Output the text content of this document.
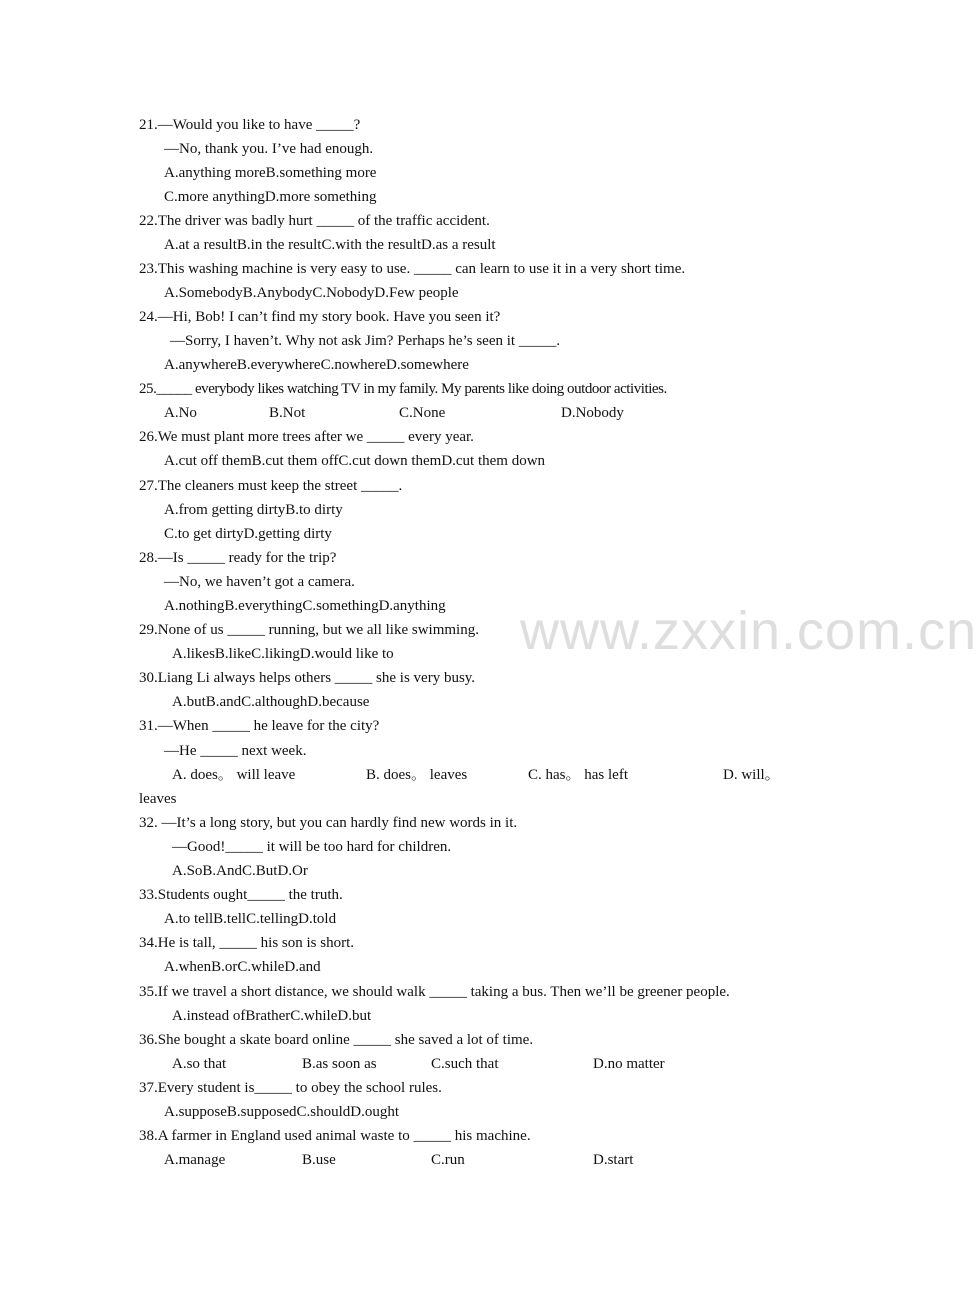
www.zxxin.com.cn
21.—Would you like to have _____?
—No, thank you. I’ve had enough.
A.anything moreB.something more
C.more anythingD.more something
22.The driver was badly hurt _____ of the traffic accident.
A.at a resultB.in the resultC.with the resultD.as a result
23.This washing machine is very easy to use. _____ can learn to use it in a very short time.
A.SomebodyB.AnybodyC.NobodyD.Few people
24.—Hi, Bob! I can’t find my story book. Have you seen it?
—Sorry, I haven’t. Why not ask Jim? Perhaps he’s seen it _____.
A.anywhereB.everywhereC.nowhereD.somewhere
25._____ everybody likes watching TV in my family. My parents like doing outdoor activities.
A.No	B.Not	C.None	D.Nobody
26.We must plant more trees after we _____ every year.
A.cut off themB.cut them offC.cut down themD.cut them down
27.The cleaners must keep the street _____.
A.from getting dirtyB.to dirty
C.to get dirtyD.getting dirty
28.—Is _____ ready for the trip?
—No, we haven’t got a camera.
A.nothingB.everythingC.somethingD.anything
29.None of us _____ running, but we all like swimming.
A.likesB.likeC.likingD.would like to
30.Liang Li always helps others _____ she is very busy.
A.butB.andC.althoughD.because
31.—When _____ he leave for the city?
—He _____ next week.
A. does。 will leave	B. does。 leaves	C. has。 has left	D. will。
leaves
32. —It’s a long story, but you can hardly find new words in it.
—Good!_____ it will be too hard for children.
A.SoB.AndC.ButD.Or
33.Students ought_____ the truth.
A.to tellB.tellC.tellingD.told
34.He is tall, _____ his son is short.
A.whenB.orC.whileD.and
35.If we travel a short distance, we should walk _____ taking a bus. Then we’ll be greener people.
A.instead ofBratherC.whileD.but
36.She bought a skate board online _____ she saved a lot of time.
A.so that	B.as soon as	C.such that	D.no matter
37.Every student is_____ to obey the school rules.
A.supposeB.supposedC.shouldD.ought
38.A farmer in England used animal waste to _____ his machine.
A.manage	B.use	C.run	D.start
